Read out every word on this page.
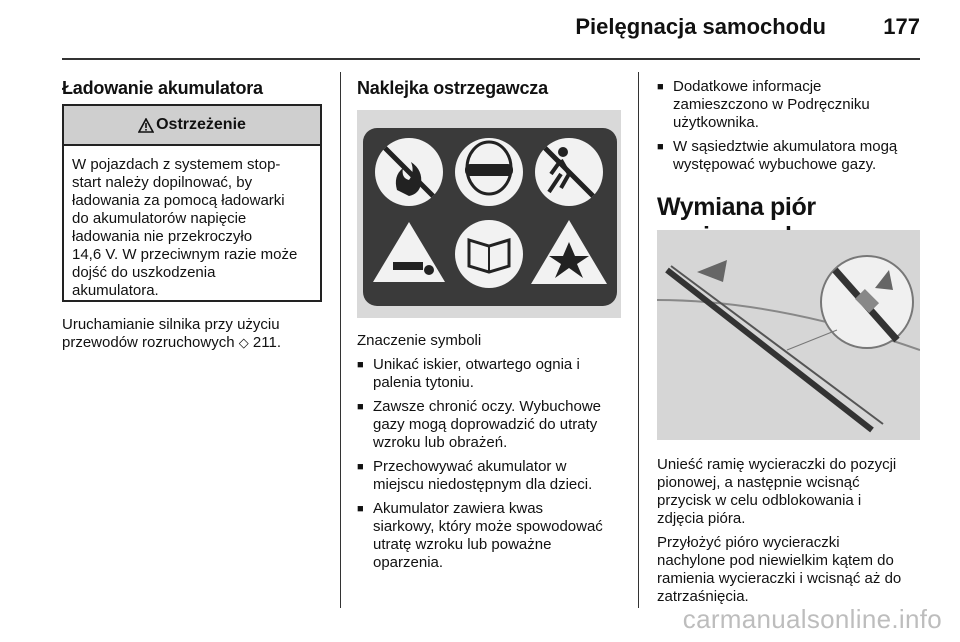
Pielęgnacja samochodu	177
Ładowanie akumulatora
Ostrzeżenie
W pojazdach z systemem stop-
start należy dopilnować, by
ładowania za pomocą ładowarki
do akumulatorów napięcie
ładowania nie przekroczyło
14,6 V. W przeciwnym razie może
dojść do uszkodzenia
akumulatora.

Uruchamianie silnika przy użyciu

przewodów rozruchowych ◇ 211.

Naklejka ostrzegawcza

Znaczenie symboli

■ Unikać iskier, otwartego ognia i
palenia tytoniu.
■ Zawsze chronić oczy. Wybuchowe
gazy mogą doprowadzić do utraty
wzroku lub obrażeń.
■ Przechowywać akumulator w
miejscu niedostępnym dla dzieci.
■ Akumulator zawiera kwas
siarkowy, który może spowodować
utratę wzroku lub poważne
oparzenia.
■ Dodatkowe informacje
zamieszczono w Podręczniku
użytkownika.
■ W sąsiedztwie akumulatora mogą
występować wybuchowe gazy.
Wymiana piór

Unieść ramię wycieraczki do pozycji

pionowej, a następnie wcisnąć

przycisk w celu odblokowania i

zdjęcia pióra.

Przyłożyć pióro wycieraczki

nachylone pod niewielkim kątem do

ramienia wycieraczki i wcisnąć aż do

zatrzaśnięcia.

carmanualsonline.info
